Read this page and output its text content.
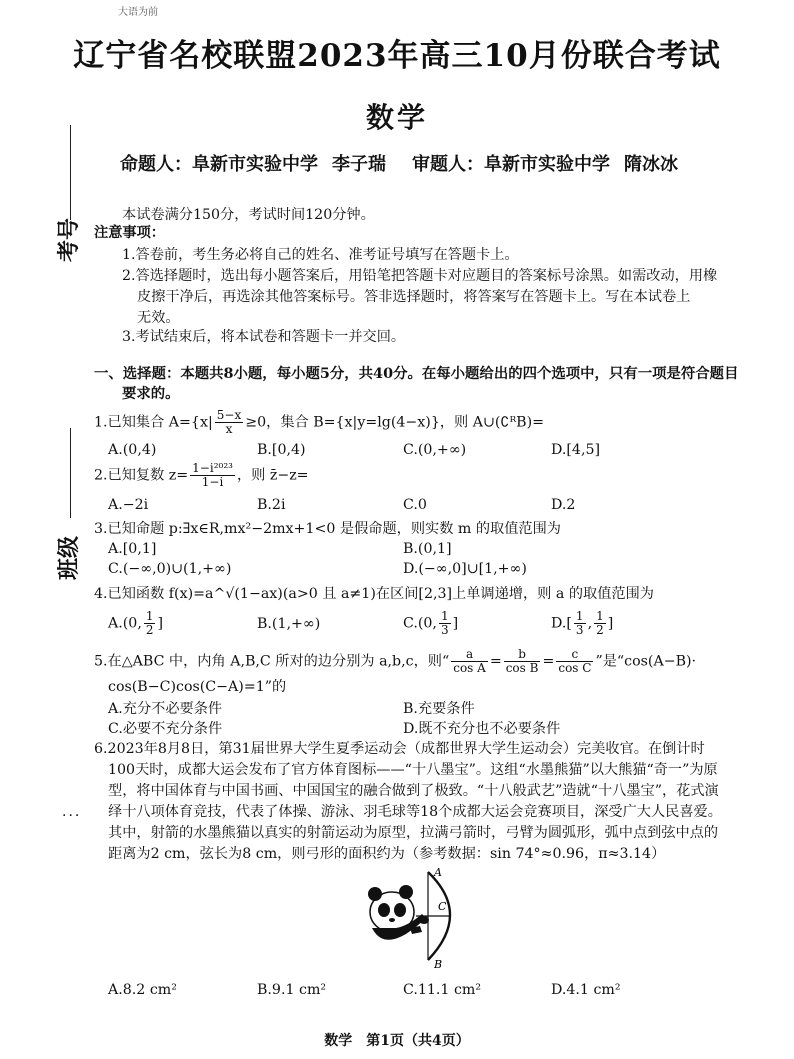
大语为前
辽宁省名校联盟2023年高三10月份联合考试
数学
命题人：阜新市实验中学 李子瑞 审题人：阜新市实验中学 隋冰冰
考号
班级
···
本试卷满分150分，考试时间120分钟。
注意事项：
1.答卷前，考生务必将自己的姓名、准考证号填写在答题卡上。
2.答选择题时，选出每小题答案后，用铅笔把答题卡对应题目的答案标号涂黑。如需改动，用橡
皮擦干净后，再选涂其他答案标号。答非选择题时，将答案写在答题卡上。写在本试卷上
无效。
3.考试结束后，将本试卷和答题卡一并交回。
一、选择题：本题共8小题，每小题5分，共40分。在每小题给出的四个选项中，只有一项是符合题目
要求的。
1.已知集合 $A=\{x| \frac{5-x}{x} \ge 0$，集合 B={x|y=lg(4−x)}，则 A∪(∁ᴿB)=
A.(0,4)	B.[0,4)	C.(0,+∞)	D.[4,5]
2.已知复数 $z= \frac{\text{1−i²⁰²³}}{1-i}$ ，则 z̄−z=
A.−2i	B.2i	C.0	D.2
3.已知命题 p:∃x∈R,mx²−2mx+1<0 是假命题，则实数 m 的取值范围为
A.[0,1]	B.(0,1]
C.(−∞,0)∪(1,+∞)	D.(−∞,0]∪[1,+∞)
4.已知函数 f(x)=a^√(1−ax)(a>0 且 a≠1)在区间[2,3]上单调递增，则 a 的取值范围为
A.(0, $\frac{1}{2}$ ]	B.(1,+∞)	C.(0, $\frac{1}{3}$ ]	$D.[ \frac{1}{3}$ , $\frac{1}{2}$ ]
5.在△ABC 中，内角 A,B,C 所对的边分别为 a,b,c，则“ $\frac{a}{\text{cos A}} = \frac{b}{\text{cos B}} = \frac{c}{\text{cos C}}$ ”是“cos(A−B)·
cos(B−C)cos(C−A)=1”的
A.充分不必要条件	B.充要条件
C.必要不充分条件	D.既不充分也不必要条件
6.2023年8月8日，第31届世界大学生夏季运动会（成都世界大学生运动会）完美收官。在倒计时
100天时，成都大运会发布了官方体育图标——“十八墨宝”。这组“水墨熊猫”以大熊猫“奇一”为原
型，将中国体育与中国书画、中国国宝的融合做到了极致。“十八般武艺”造就“十八墨宝”，花式演
绎十八项体育竞技，代表了体操、游泳、羽毛球等18个成都大运会竞赛项目，深受广大人民喜爱。
其中，射箭的水墨熊猫以真实的射箭运动为原型，拉满弓箭时，弓臂为圆弧形，弧中点到弦中点的
距离为2 cm，弦长为8 cm，则弓形的面积约为（参考数据：sin 74°≈0.96，π≈3.14）
B
A
C
A.8.2 cm²	B.9.1 cm²	C.11.1 cm²	D.4.1 cm²
数学　第1页（共4页）
